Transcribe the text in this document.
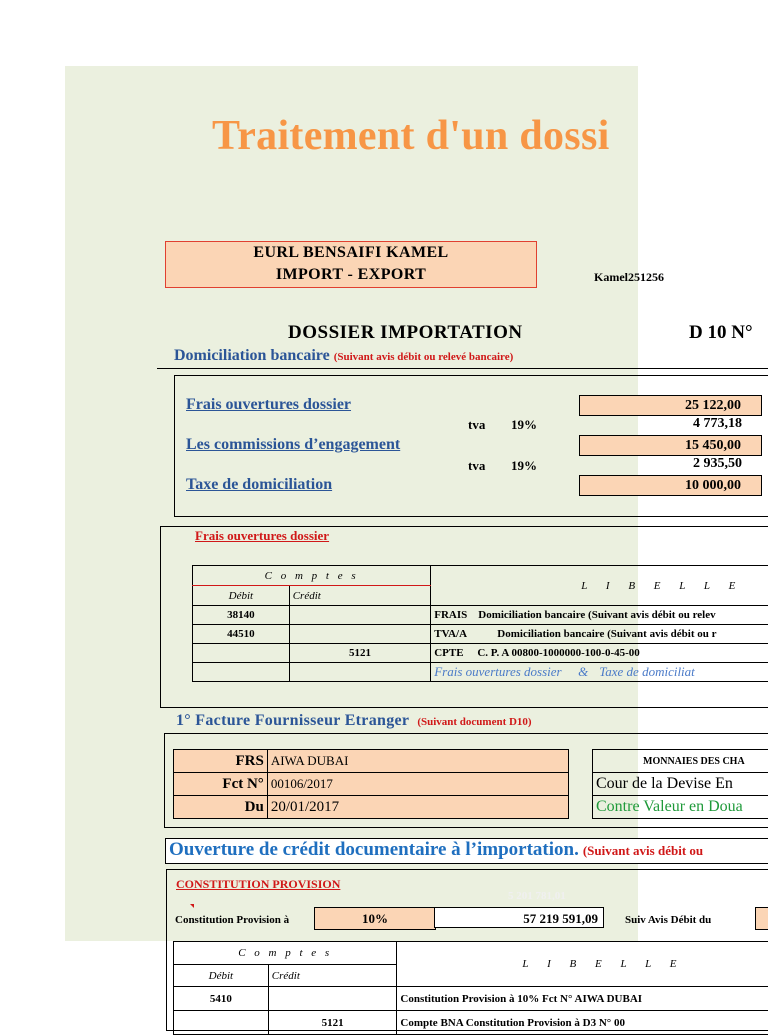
Traitement d'un dossi
EURL BENSAIFI KAMEL
IMPORT - EXPORT	Kamel251256
DOSSIER IMPORTATION	D 10 N°
Domiciliation bancaire (Suivant avis débit ou relevé bancaire)
Frais ouvertures dossier	25 122,00
tva 19%	4 773,18
Les commissions d’engagement	15 450,00
tva 19%	2 935,50
Taxe de domiciliation	10 000,00
Frais ouvertures dossier
C o m p t e s		L I B E L L E
Débit	Crédit	
38140		FRAIS Domiciliation bancaire (Suivant avis débit ou relev
44510		TVA/A Domiciliation bancaire (Suivant avis débit ou r
	5121	CPTE C. P. A 00800-1000000-100-0-45-00
		Frais ouvertures dossier & Taxe de domiciliat
1° Facture Fournisseur Etranger (Suivant document D10)
FRS	AIWA DUBAI
Fct N°	00106/2017
Du	20/01/2017
MONNAIES DES CHA
Cour de la Devise En
Contre Valeur en Doua
Ouverture de crédit documentaire à l’importation. (Suivant avis débit ou
CONSTITUTION PROVISION
5 201 781,01
Constitution Provision à	10%	57 219 591,09	Suiv Avis Débit du
C o m p t e s		L I B E L L E
Débit	Crédit	
5410		Constitution Provision à 10% Fct N° AIWA DUBAI
	5121	Compte BNA Constitution Provision à D3 N° 00
